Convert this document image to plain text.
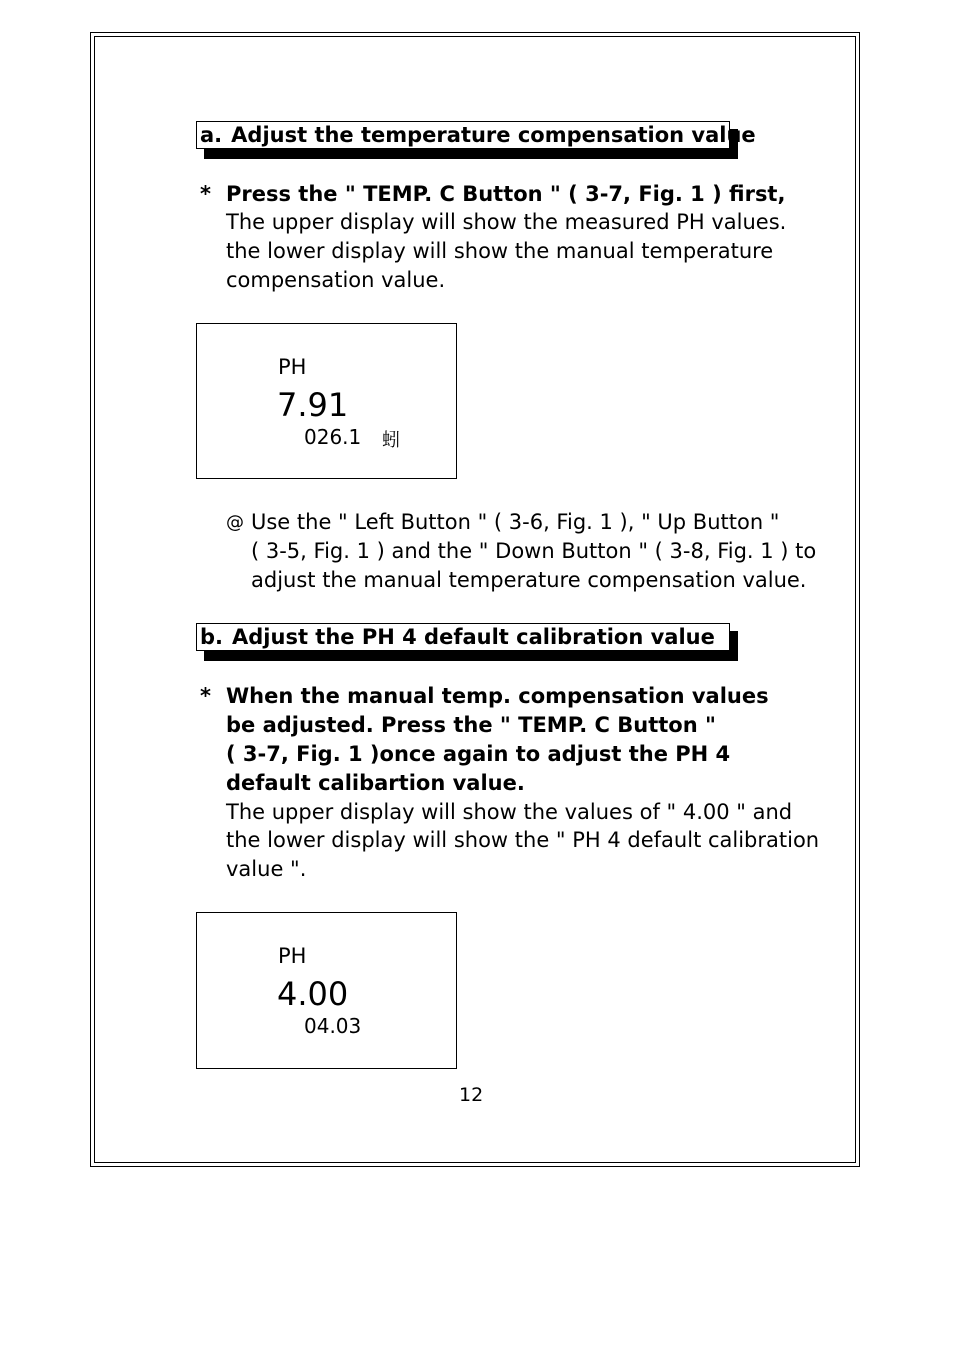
a. Adjust the temperature compensation value
* Press the " TEMP. C Button " ( 3-7, Fig. 1 ) first,
The upper display will show the measured PH values.
the lower display will show the manual temperature
compensation value.
PH
7.91
026.1 蚓
@ Use the " Left Button " ( 3-6, Fig. 1 ), " Up Button "
( 3-5, Fig. 1 ) and the " Down Button " ( 3-8, Fig. 1 ) to
adjust the manual temperature compensation value.
b. Adjust the PH 4 default calibration value
* When the manual temp. compensation values
be adjusted. Press the " TEMP. C Button "
( 3-7, Fig. 1 )once again to adjust the PH 4
default calibartion value.
The upper display will show the values of " 4.00 " and
the lower display will show the " PH 4 default calibration
value ".
PH
4.00
04.03
12
